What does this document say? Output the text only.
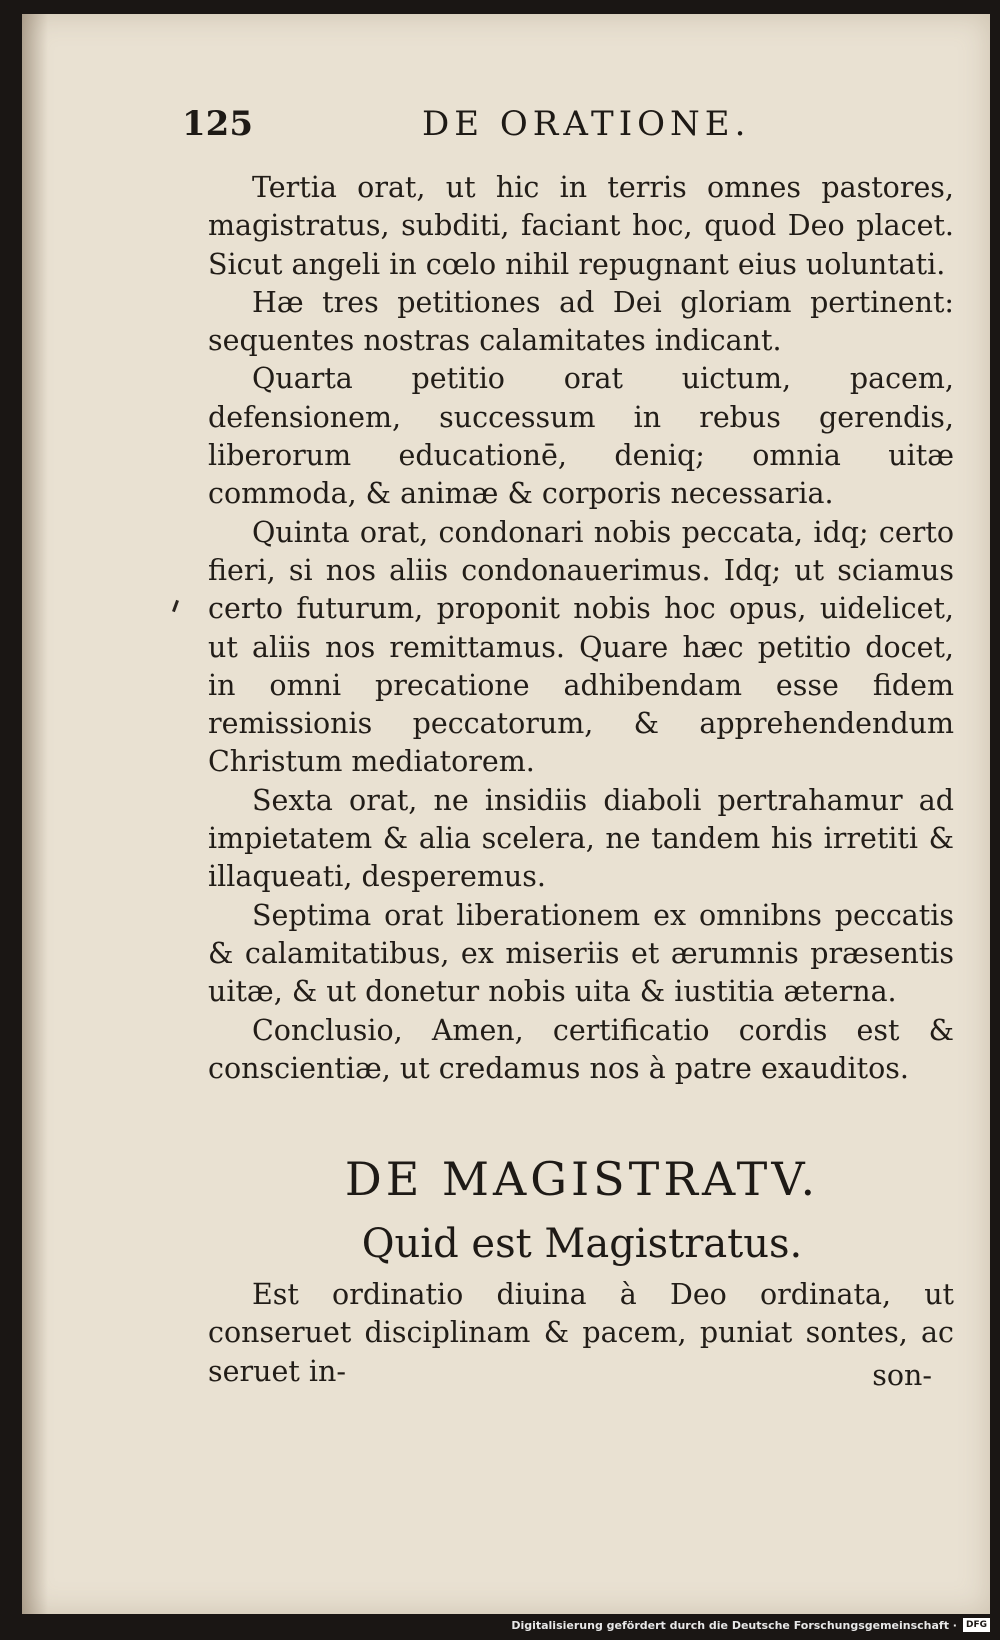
125	DE ORATIONE.

Tertia orat, ut hic in terris omnes pastores, magistratus, subditi, faciant hoc, quod Deo placet. Sicut angeli in cœlo nihil repugnant eius uoluntati.

Hæ tres petitiones ad Dei gloriam pertinent: sequentes nostras calamitates indicant.

Quarta petitio orat uictum, pacem, defensionem, successum in rebus gerendis, liberorum educationē, deniq; omnia uitæ commoda, & animæ & corporis necessaria.

Quinta orat, condonari nobis peccata, idq; certo fieri, si nos aliis condonauerimus. Idq; ut sciamus certo futurum, proponit nobis hoc opus, uidelicet, ut aliis nos remittamus. Quare hæc petitio docet, in omni precatione adhibendam esse fidem remissionis peccatorum, & apprehendendum Christum mediatorem.

Sexta orat, ne insidiis diaboli pertrahamur ad impietatem & alia scelera, ne tandem his irretiti & illaqueati, desperemus.

Septima orat liberationem ex omnibns peccatis & calamitatibus, ex miseriis et ærumnis præsentis uitæ, & ut donetur nobis uita & iustitia æterna.

Conclusio, Amen, certificatio cordis est & conscientiæ, ut credamus nos à patre exauditos.

DE MAGISTRATV.
Quid est Magistratus.

Est ordinatio diuina à Deo ordinata, ut conseruet disciplinam & pacem, puniat sontes, ac seruet in-	son-
Digitalisierung gefördert durch die Deutsche Forschungsgemeinschaft ·	DFG
